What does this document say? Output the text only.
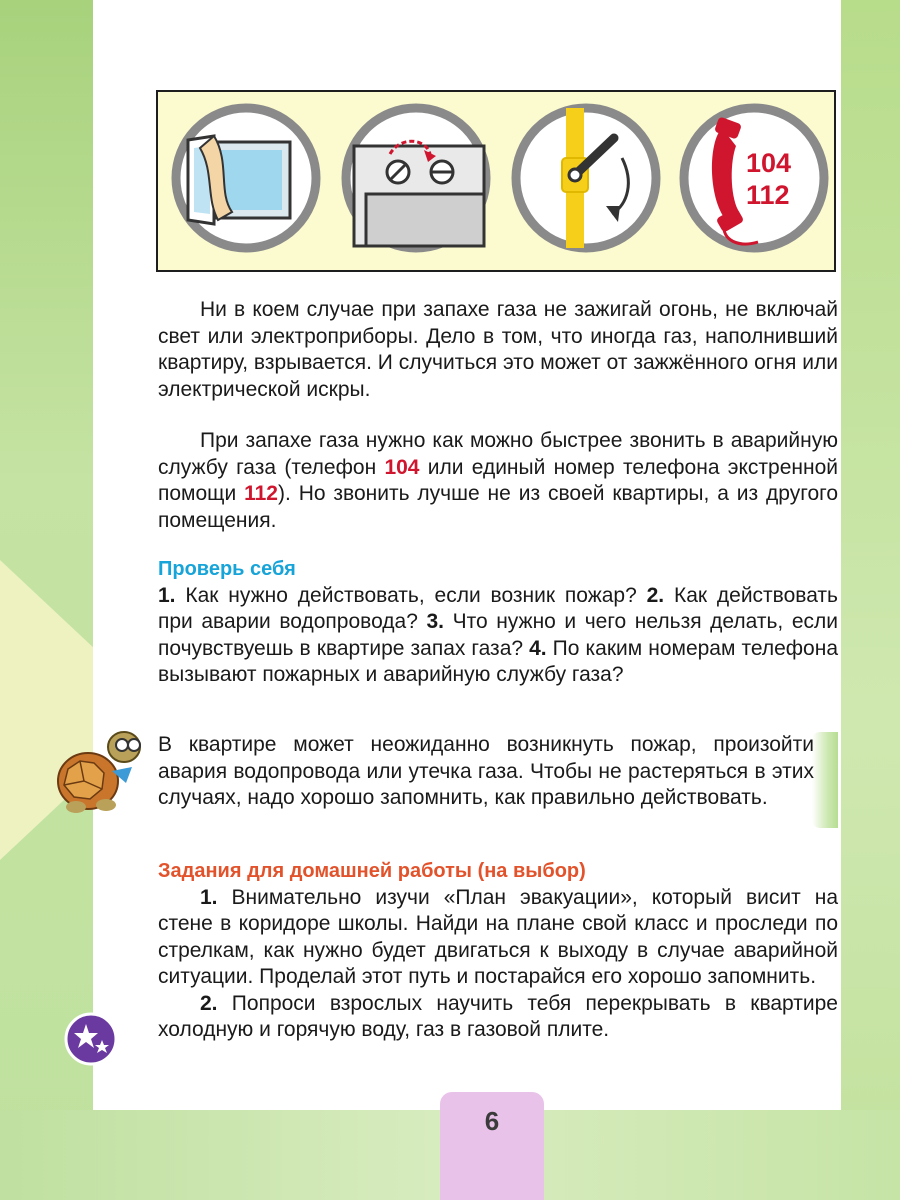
104
112

Ни в коем случае при запахе газа не зажигай огонь, не включай свет или электроприборы. Дело в том, что иногда газ, наполнивший квартиру, взрывается. И случиться это может от зажжённого огня или электрической искры.

При запахе газа нужно как можно быстрее звонить в аварийную службу газа (телефон 104 или единый номер телефона экстренной помощи 112). Но звонить лучше не из своей квартиры, а из другого помещения.

Проверь себя

1. Как нужно действовать, если возник пожар? 2. Как действовать при аварии водопровода? 3. Что нужно и чего нельзя делать, если почувствуешь в квартире запах газа? 4. По каким номерам телефона вызывают пожарных и аварийную службу газа?

В квартире может неожиданно возникнуть пожар, произойти авария водопровода или утечка газа. Чтобы не растеряться в этих случаях, надо хорошо запомнить, как правильно действовать.

Задания для домашней работы (на выбор)

1. Внимательно изучи «План эвакуации», который висит на стене в коридоре школы. Найди на плане свой класс и проследи по стрелкам, как нужно будет двигаться к выходу в случае аварийной ситуации. Проделай этот путь и постарайся его хорошо запомнить.

2. Попроси взрослых научить тебя перекрывать в квартире холодную и горячую воду, газ в газовой плите.

6
